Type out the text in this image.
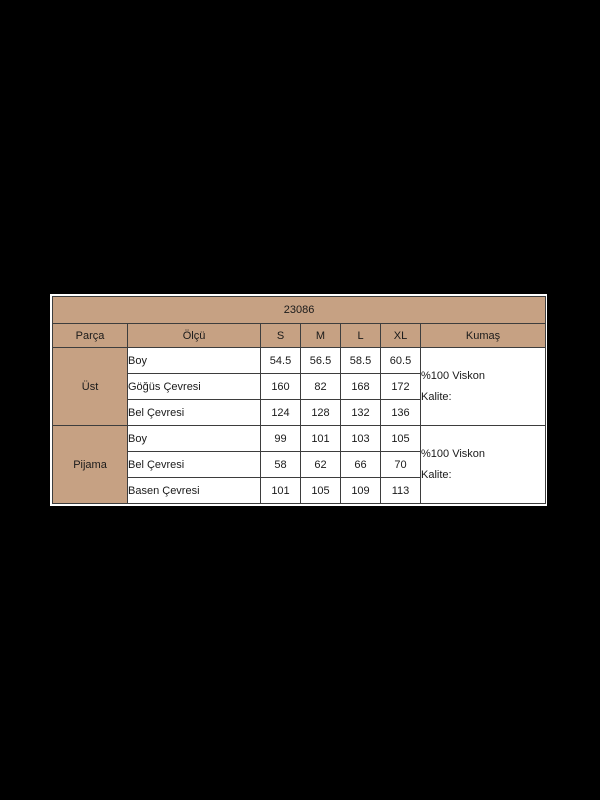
23086						
Parça	Ölçü	S	M	L	XL	Kumaş
Üst	Boy	54.5	56.5	58.5	60.5	%100 Viskon
Kalite:

	Göğüs Çevresi	160	82	168	172	
	Bel Çevresi	124	128	132	136	
Pijama	Boy	99	101	103	105	%100 Viskon
Kalite:

	Bel Çevresi	58	62	66	70	
	Basen Çevresi	101	105	109	113	
